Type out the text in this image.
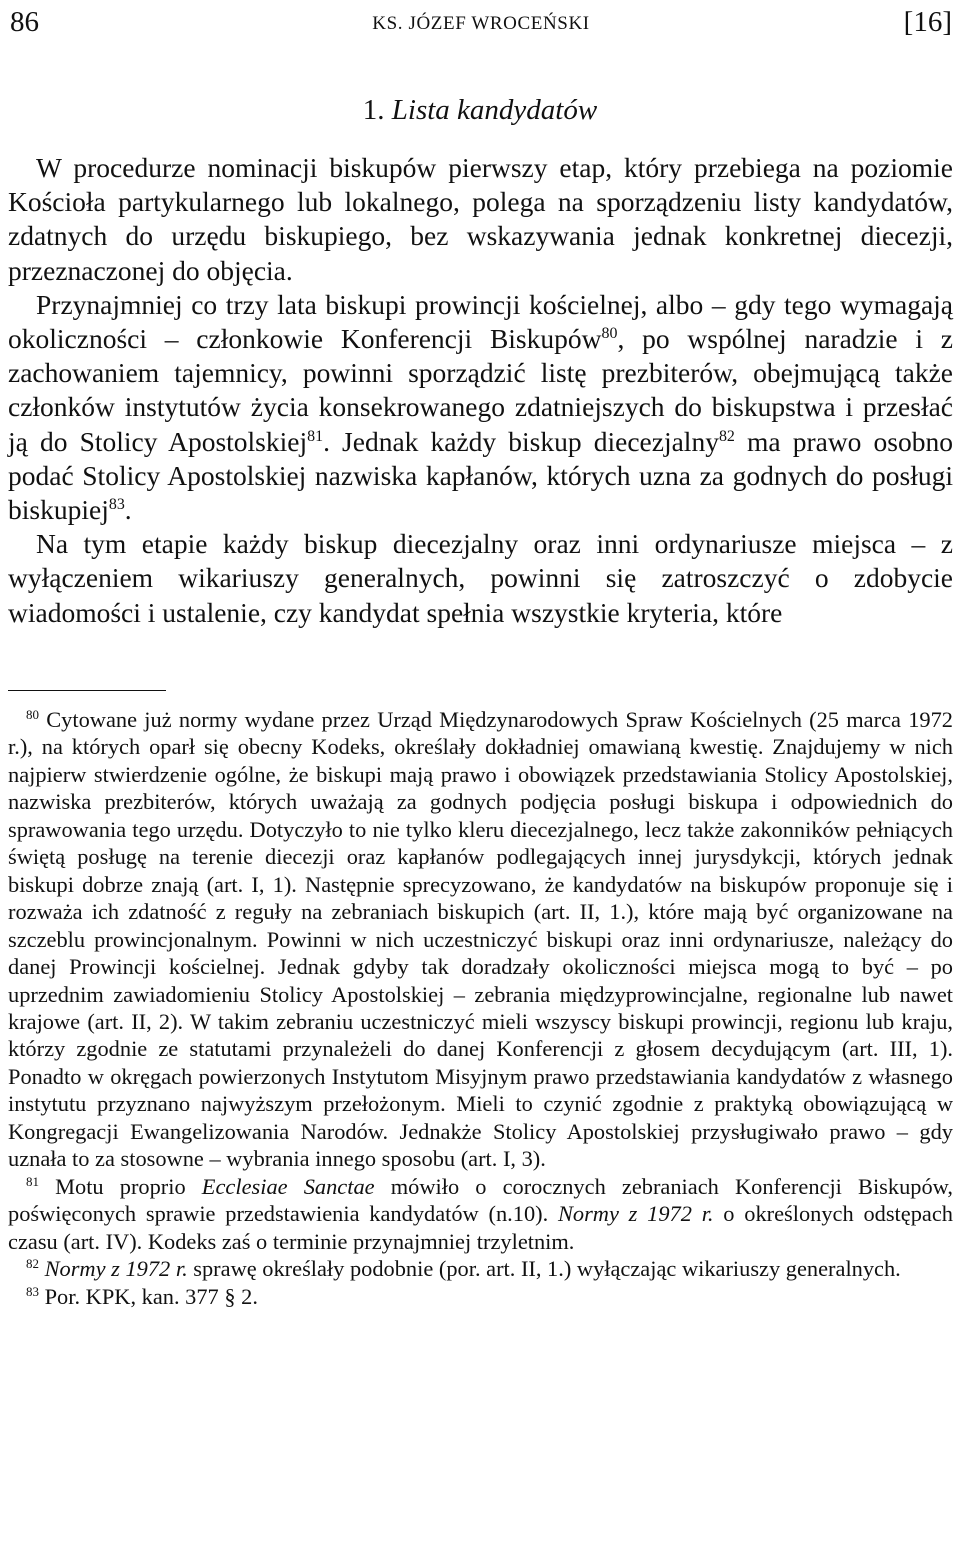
86	KS. JÓZEF WROCEŃSKI	[16]
1. Lista kandydatów

W procedurze nominacji biskupów pierwszy etap, który przebiega na poziomie Kościoła partykularnego lub lokalnego, polega na sporządzeniu listy kandydatów, zdatnych do urzędu biskupiego, bez wskazywania jednak konkretnej diecezji, przeznaczonej do objęcia.

Przynajmniej co trzy lata biskupi prowincji kościelnej, albo – gdy tego wymagają okoliczności – członkowie Konferencji Biskupów$^{80}$, po wspólnej naradzie i z zachowaniem tajemnicy, powinni sporządzić listę prezbiterów, obejmującą także członków instytutów życia konsekrowanego zdatniejszych do biskupstwa i przesłać ją do Stolicy Apostolskiej$^{81}$. Jednak każdy biskup diecezjalny$^{82}$ ma prawo osobno podać Stolicy Apostolskiej nazwiska kapłanów, których uzna za godnych do posługi biskupiej$^{83}$.

Na tym etapie każdy biskup diecezjalny oraz inni ordynariusze miejsca – z wyłączeniem wikariuszy generalnych, powinni się zatroszczyć o zdobycie wiadomości i ustalenie, czy kandydat spełnia wszystkie kryteria, które

$^{80}$ Cytowane już normy wydane przez Urząd Międzynarodowych Spraw Kościelnych (25 marca 1972 r.), na których oparł się obecny Kodeks, określały dokładniej omawianą kwestię. Znajdujemy w nich najpierw stwierdzenie ogólne, że biskupi mają prawo i obowiązek przedstawiania Stolicy Apostolskiej, nazwiska prezbiterów, których uważają za godnych podjęcia posługi biskupa i odpowiednich do sprawowania tego urzędu. Dotyczyło to nie tylko kleru diecezjalnego, lecz także zakonników pełniących świętą posługę na terenie diecezji oraz kapłanów podlegających innej jurysdykcji, których jednak biskupi dobrze znają (art. I, 1). Następnie sprecyzowano, że kandydatów na biskupów proponuje się i rozważa ich zdatność z reguły na zebraniach biskupich (art. II, 1.), które mają być organizowane na szczeblu prowincjonalnym. Powinni w nich uczestniczyć biskupi oraz inni ordynariusze, należący do danej Prowincji kościelnej. Jednak gdyby tak doradzały okoliczności miejsca mogą to być – po uprzednim zawiadomieniu Stolicy Apostolskiej – zebrania międzyprowincjalne, regionalne lub nawet krajowe (art. II, 2). W takim zebraniu uczestniczyć mieli wszyscy biskupi prowincji, regionu lub kraju, którzy zgodnie ze statutami przynależeli do danej Konferencji z głosem decydującym (art. III, 1). Ponadto w okręgach powierzonych Instytutom Misyjnym prawo przedstawiania kandydatów z własnego instytutu przyznano najwyższym przełożonym. Mieli to czynić zgodnie z praktyką obowiązującą w Kongregacji Ewangelizowania Narodów. Jednakże Stolicy Apostolskiej przysługiwało prawo – gdy uznała to za stosowne – wybrania innego sposobu (art. I, 3).

$^{81}$ Motu proprio Ecclesiae Sanctae mówiło o corocznych zebraniach Konferencji Biskupów, poświęconych sprawie przedstawienia kandydatów (n.10). Normy z 1972 r. o określonych odstępach czasu (art. IV). Kodeks zaś o terminie przynajmniej trzyletnim.

$^{82}$ Normy z 1972 r. sprawę określały podobnie (por. art. II, 1.) wyłączając wikariuszy generalnych.

$^{83}$ Por. KPK, kan. 377 § 2.
